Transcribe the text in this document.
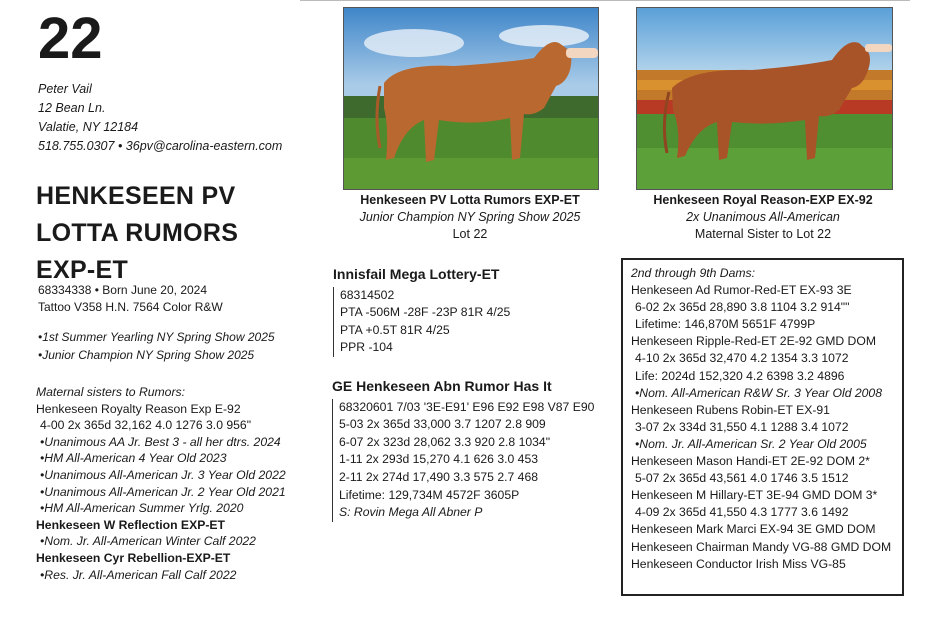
22
Peter Vail
12 Bean Ln.
Valatie, NY 12184
518.755.0307 • 36pv@carolina-eastern.com
HENKESEEN PV
LOTTA RUMORS
EXP-ET
68334338 • Born June 20, 2024
Tattoo V358 H.N. 7564 Color R&W
•1st Summer Yearling NY Spring Show 2025
•Junior Champion NY Spring Show 2025
Maternal sisters to Rumors:
Henkeseen Royalty Reason Exp E-92
4-00 2x 365d 32,162 4.0 1276 3.0 956"
•Unanimous AA Jr. Best 3 - all her dtrs. 2024
•HM All-American 4 Year Old 2023
•Unanimous All-American Jr. 3 Year Old 2022
•Unanimous All-American Jr. 2 Year Old 2021
•HM All-American Summer Yrlg. 2020
Henkeseen W Reflection EXP-ET
•Nom. Jr. All-American Winter Calf 2022
Henkeseen Cyr Rebellion-EXP-ET
•Res. Jr. All-American Fall Calf 2022
Henkeseen PV Lotta Rumors EXP-ET
Junior Champion NY Spring Show 2025
Lot 22
Henkeseen Royal Reason-EXP EX-92
2x Unanimous All-American
Maternal Sister to Lot 22
Innisfail Mega Lottery-ET
68314502
PTA -506M -28F -23P 81R 4/25
PTA +0.5T 81R 4/25
PPR -104
GE Henkeseen Abn Rumor Has It
68320601 7/03 '3E-E91' E96 E92 E98 V87 E90
5-03 2x 365d 33,000 3.7 1207 2.8 909
6-07 2x 323d 28,062 3.3 920 2.8 1034"
1-11 2x 293d 15,270 4.1 626 3.0 453
2-11 2x 274d 17,490 3.3 575 2.7 468
Lifetime: 129,734M 4572F 3605P
S: Rovin Mega All Abner P
2nd through 9th Dams:
Henkeseen Ad Rumor-Red-ET EX-93 3E
6-02 2x 365d 28,890 3.8 1104 3.2 914""
Lifetime: 146,870M 5651F 4799P
Henkeseen Ripple-Red-ET 2E-92 GMD DOM
4-10 2x 365d 32,470 4.2 1354 3.3 1072
Life: 2024d 152,320 4.2 6398 3.2 4896
•Nom. All-American R&W Sr. 3 Year Old 2008
Henkeseen Rubens Robin-ET EX-91
3-07 2x 334d 31,550 4.1 1288 3.4 1072
•Nom. Jr. All-American Sr. 2 Year Old 2005
Henkeseen Mason Handi-ET 2E-92 DOM 2*
5-07 2x 365d 43,561 4.0 1746 3.5 1512
Henkeseen M Hillary-ET 3E-94 GMD DOM 3*
4-09 2x 365d 41,550 4.3 1777 3.6 1492
Henkeseen Mark Marci EX-94 3E GMD DOM
Henkeseen Chairman Mandy VG-88 GMD DOM
Henkeseen Conductor Irish Miss VG-85
